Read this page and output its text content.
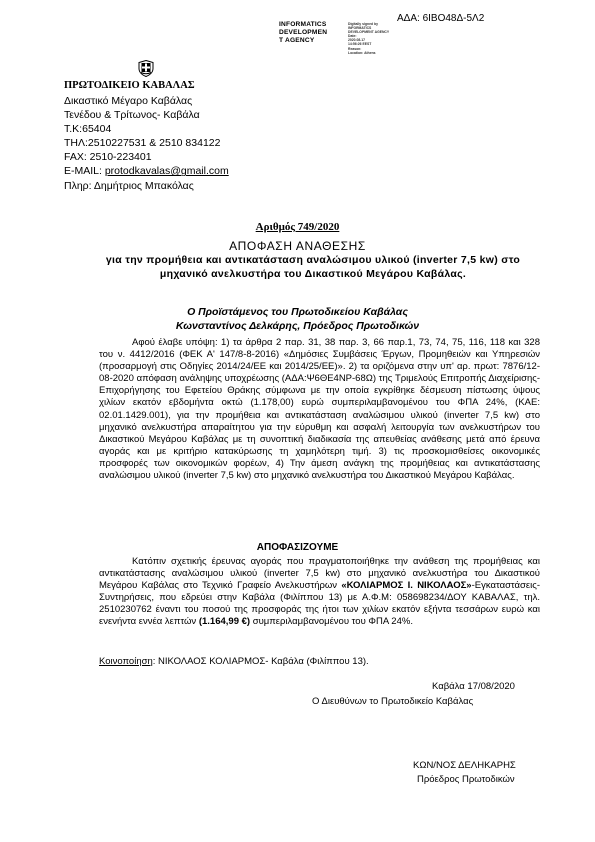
ΑΔΑ: 6ΙΒΟ48Δ-5Λ2
INFORMATICS
DEVELOPMEN
T AGENCY
Digitally signed by
INFORMATICS
DEVELOPMENT AGENCY
Date:
2020.08.17
14:56:26 EEST
Reason:
Location: Athens
ΠΡΩΤΟΔΙΚΕΙΟ ΚΑΒΑΛΑΣ
Δικαστικό Μέγαρο Καβάλας
Τενέδου & Τρίτωνος- Καβάλα
Τ.Κ:65404
ΤΗΛ:2510227531 & 2510 834122
FAX: 2510-223401
E-MAIL: protodkavalas@gmail.com
Πληρ: Δημήτριος Μπακόλας
Αριθμός 749/2020
ΑΠΟΦΑΣΗ ΑΝΑΘΕΣΗΣ
για την προμήθεια και αντικατάσταση αναλώσιμου υλικού (inverter 7,5 kw) στο μηχανικό ανελκυστήρα του Δικαστικού Μεγάρου Καβάλας.
Ο Προϊστάμενος του Πρωτοδικείου Καβάλας
Κωνσταντίνος Δελκάρης, Πρόεδρος Πρωτοδικών
Αφού έλαβε υπόψη: 1) τα άρθρα 2 παρ. 31, 38 παρ. 3, 66 παρ.1, 73, 74, 75, 116, 118 και 328 του ν. 4412/2016 (ΦΕΚ Α' 147/8-8-2016) «Δημόσιες Συμβάσεις Έργων, Προμηθειών και Υπηρεσιών (προσαρμογή στις Οδηγίες 2014/24/ΕΕ και 2014/25/ΕΕ)». 2) τα οριζόμενα στην υπ' αρ. πρωτ: 7876/12-08-2020 απόφαση ανάληψης υποχρέωσης (ΑΔΑ:Ψ6ΘΕ4ΝΡ-68Ω) της Τριμελούς Επιτροπής Διαχείρισης-Επιχορήγησης του Εφετείου Θράκης σύμφωνα με την οποία εγκρίθηκε δέσμευση πίστωσης ύψους χιλίων εκατόν εβδομήντα οκτώ (1.178,00) ευρώ συμπεριλαμβανομένου του ΦΠΑ 24%, (ΚΑΕ: 02.01.1429.001), για την προμήθεια και αντικατάσταση αναλώσιμου υλικού (inverter 7,5 kw) στο μηχανικό ανελκυστήρα απαραίτητου για την εύρυθμη και ασφαλή λειτουργία των ανελκυστήρων του Δικαστικού Μεγάρου Καβάλας με τη συνοπτική διαδικασία της απευθείας ανάθεσης μετά από έρευνα αγοράς και με κριτήριο κατακύρωσης τη χαμηλότερη τιμή. 3) τις προσκομισθείσες οικονομικές προσφορές των οικονομικών φορέων, 4) Την άμεση ανάγκη της προμήθειας και αντικατάστασης αναλώσιμου υλικού (inverter 7,5 kw) στο μηχανικό ανελκυστήρα του Δικαστικού Μεγάρου Καβάλας.
ΑΠΟΦΑΣΙΖΟΥΜΕ
Κατόπιν σχετικής έρευνας αγοράς που πραγματοποιήθηκε την ανάθεση της προμήθειας και αντικατάστασης αναλώσιμου υλικού (inverter 7,5 kw) στο μηχανικό ανελκυστήρα του Δικαστικού Μεγάρου Καβάλας στο Τεχνικό Γραφείο Ανελκυστήρων «ΚΟΛΙΑΡΜΟΣ Ι. ΝΙΚΟΛΑΟΣ»-Εγκαταστάσεις-Συντηρήσεις, που εδρεύει στην Καβάλα (Φιλίππου 13) με Α.Φ.Μ: 058698234/ΔΟΥ ΚΑΒΑΛΑΣ, τηλ. 2510230762 έναντι του ποσού της προσφοράς της ήτοι των χιλίων εκατόν εξήντα τεσσάρων ευρώ και ενενήντα εννέα λεπτών (1.164,99 €) συμπεριλαμβανομένου του ΦΠΑ 24%.
Κοινοποίηση: ΝΙΚΟΛΑΟΣ ΚΟΛΙΑΡΜΟΣ- Καβάλα (Φιλίππου 13).
Καβάλα 17/08/2020
Ο Διευθύνων το Πρωτοδικείο Καβάλας
ΚΩΝ/ΝΟΣ ΔΕΛΗΚΑΡΗΣ
Πρόεδρος Πρωτοδικών
